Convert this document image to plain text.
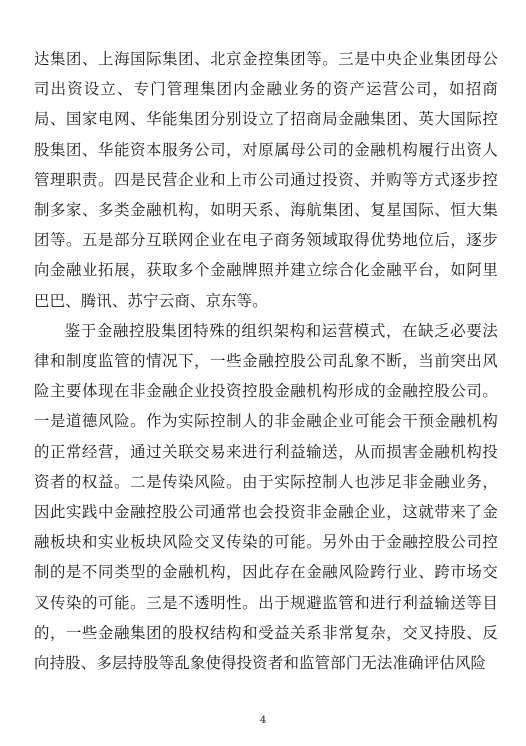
达集团、上海国际集团、北京金控集团等。三是中央企业集团母公司出资设立、专门管理集团内金融业务的资产运营公司，如招商局、国家电网、华能集团分别设立了招商局金融集团、英大国际控股集团、华能资本服务公司，对原属母公司的金融机构履行出资人管理职责。四是民营企业和上市公司通过投资、并购等方式逐步控制多家、多类金融机构，如明天系、海航集团、复星国际、恒大集团等。五是部分互联网企业在电子商务领域取得优势地位后，逐步向金融业拓展，获取多个金融牌照并建立综合化金融平台，如阿里巴巴、腾讯、苏宁云商、京东等。

鉴于金融控股集团特殊的组织架构和运营模式，在缺乏必要法律和制度监管的情况下，一些金融控股公司乱象不断，当前突出风险主要体现在非金融企业投资控股金融机构形成的金融控股公司。一是道德风险。作为实际控制人的非金融企业可能会干预金融机构的正常经营，通过关联交易来进行利益输送，从而损害金融机构投资者的权益。二是传染风险。由于实际控制人也涉足非金融业务，因此实践中金融控股公司通常也会投资非金融企业，这就带来了金融板块和实业板块风险交叉传染的可能。另外由于金融控股公司控制的是不同类型的金融机构，因此存在金融风险跨行业、跨市场交叉传染的可能。三是不透明性。出于规避监管和进行利益输送等目的，一些金融集团的股权结构和受益关系非常复杂，交叉持股、反向持股、多层持股等乱象使得投资者和监管部门无法准确评估风险

4
